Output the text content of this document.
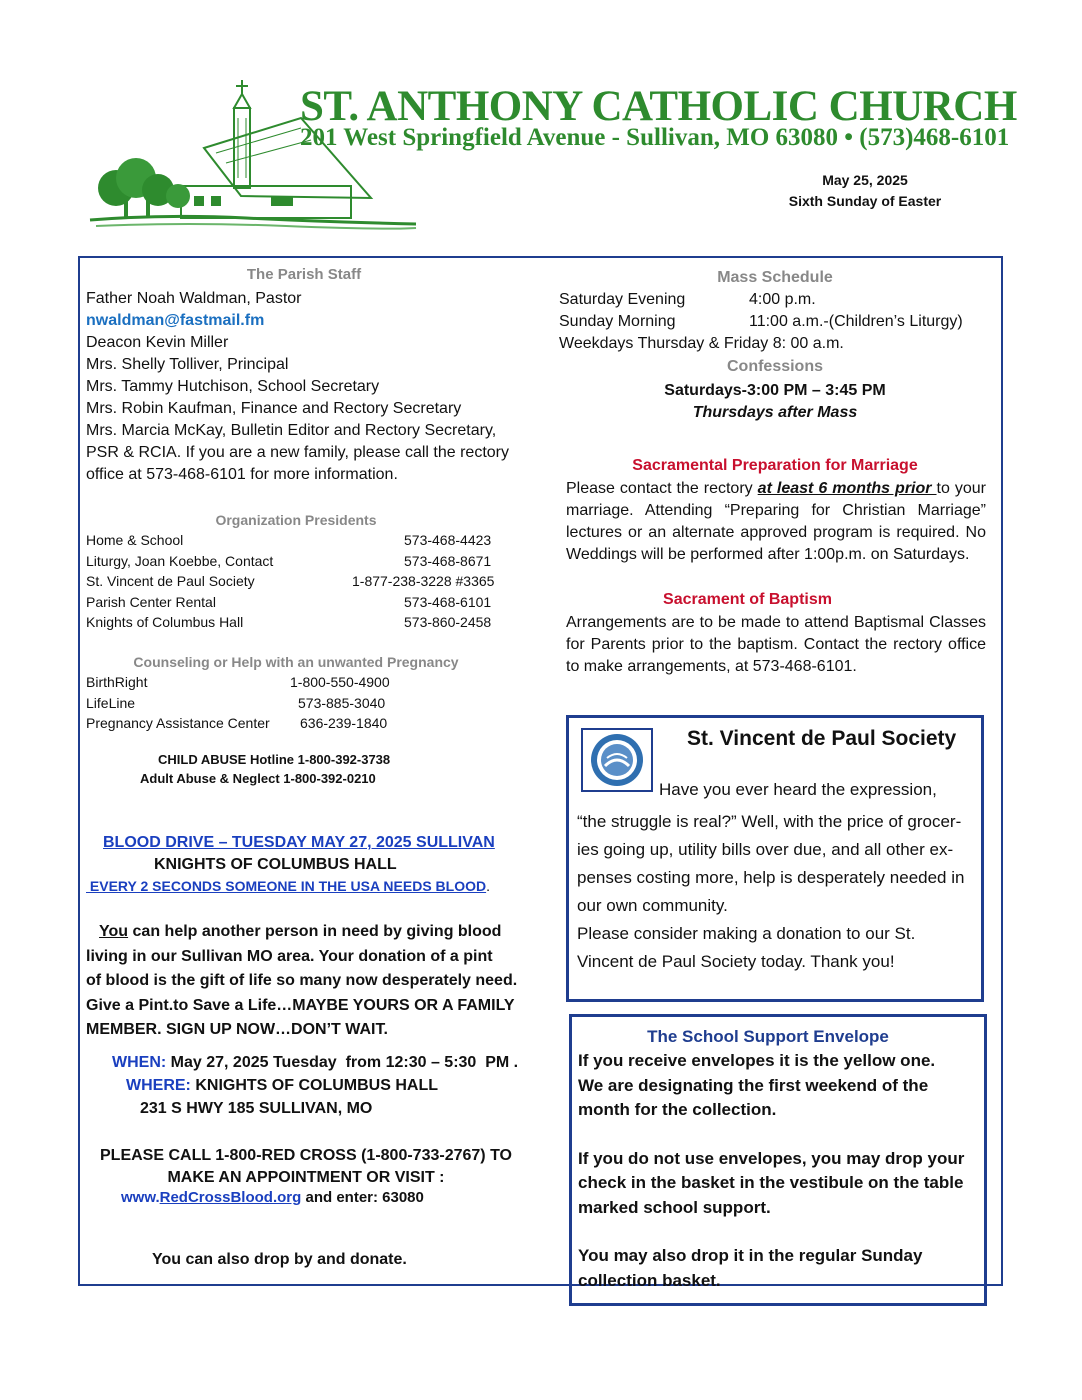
ST. ANTHONY CATHOLIC CHURCH
201 West Springfield Avenue - Sullivan, MO 63080 • (573)468-6101
May 25, 2025
Sixth Sunday of Easter
The Parish Staff
Father Noah Waldman, Pastor
nwaldman@fastmail.fm
Deacon Kevin Miller
Mrs. Shelly Tolliver, Principal
Mrs. Tammy Hutchison, School Secretary
Mrs. Robin Kaufman, Finance and Rectory Secretary
Mrs. Marcia McKay, Bulletin Editor and Rectory Secretary,
PSR & RCIA. If you are a new family, please call the rectory
office at 573-468-6101 for more information.
Organization Presidents
Home & School	573-468-4423
Liturgy, Joan Koebbe, Contact	573-468-8671
St. Vincent de Paul Society	1-877-238-3228 #3365
Parish Center Rental	573-468-6101
Knights of Columbus Hall	573-860-2458
Counseling or Help with an unwanted Pregnancy
BirthRight	1-800-550-4900
LifeLine	573-885-3040
Pregnancy Assistance Center	636-239-1840
CHILD ABUSE Hotline 1-800-392-3738
Adult Abuse & Neglect 1-800-392-0210
BLOOD DRIVE – TUESDAY MAY 27, 2025 SULLIVAN
KNIGHTS OF COLUMBUS HALL
EVERY 2 SECONDS SOMEONE IN THE USA NEEDS BLOOD.
You can help another person in need by giving blood
living in our Sullivan MO area. Your donation of a pint
of blood is the gift of life so many now desperately need.
Give a Pint.to Save a Life…MAYBE YOURS OR A FAMILY
MEMBER. SIGN UP NOW…DON’T WAIT.
WHEN: May 27, 2025 Tuesday  from 12:30 – 5:30  PM .
WHERE: KNIGHTS OF COLUMBUS HALL
231 S HWY 185 SULLIVAN, MO
PLEASE CALL 1-800-RED CROSS (1-800-733-2767) TO
MAKE AN APPOINTMENT OR VISIT :
www.RedCrossBlood.org and enter: 63080
You can also drop by and donate.
Mass Schedule
Saturday Evening	4:00 p.m.
Sunday Morning	11:00 a.m.-(Children’s Liturgy)
Weekdays Thursday & Friday 8: 00 a.m.
Confessions
Saturdays-3:00 PM – 3:45 PM
Thursdays after Mass
Sacramental Preparation for Marriage
Please contact the rectory at least 6 months prior to your marriage. Attending “Preparing for Christian Marriage” lectures or an alternate approved program is required. No Weddings will be performed after 1:00p.m. on Saturdays.
Sacrament of Baptism
Arrangements are to be made to attend Baptismal Classes for Parents prior to the baptism. Contact the rectory office to make arrangements, at 573-468-6101.
St. Vincent de Paul Society
Have you ever heard the expression,
“the struggle is real?” Well, with the price of grocer-
ies going up, utility bills over due, and all other ex-
penses costing more, help is desperately needed in
our own community.
Please consider making a donation to our St.
Vincent de Paul Society today. Thank you!
The School Support Envelope
If you receive envelopes it is the yellow one.
We are designating the first weekend of the
month for the collection.
If you do not use envelopes, you may drop your
check in the basket in the vestibule on the table
marked school support.
You may also drop it in the regular Sunday
collection basket.
